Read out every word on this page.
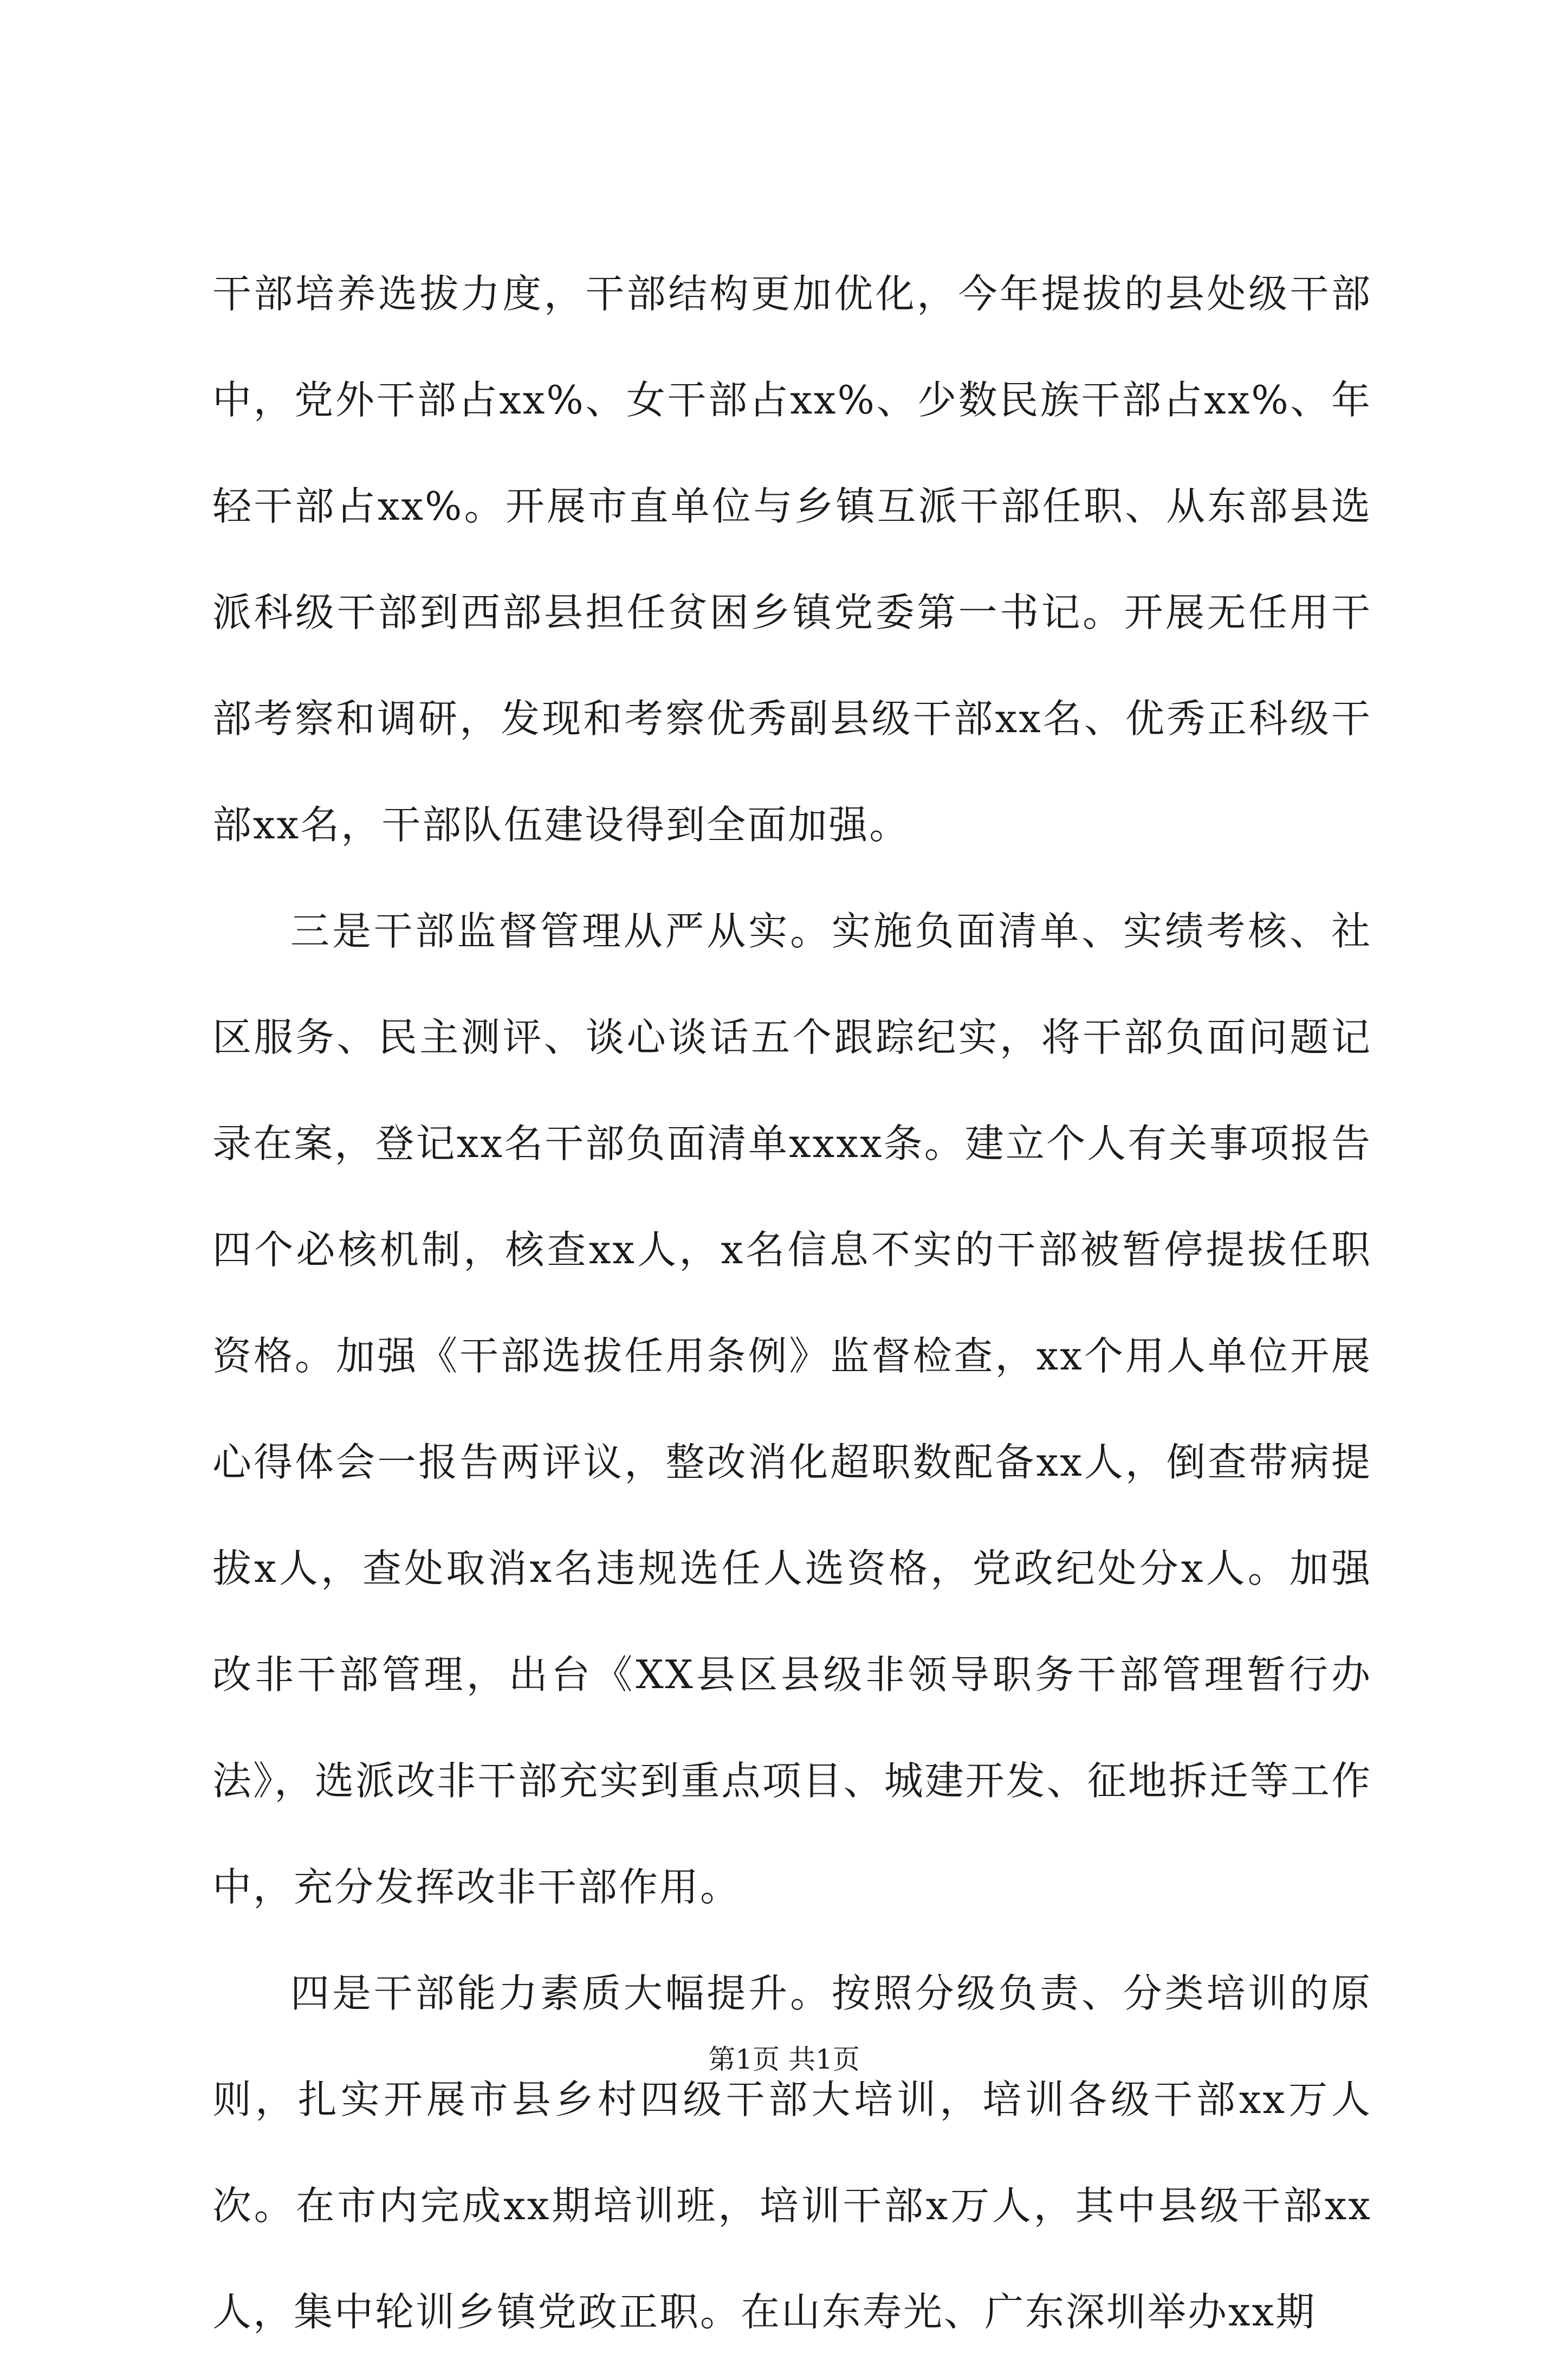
干部培养选拔力度，干部结构更加优化，今年提拔的县处级干部中，党外干部占xx%、女干部占xx%、少数民族干部占xx%、年轻干部占xx%。开展市直单位与乡镇互派干部任职、从东部县选派科级干部到西部县担任贫困乡镇党委第一书记。开展无任用干部考察和调研，发现和考察优秀副县级干部xx名、优秀正科级干部xx名，干部队伍建设得到全面加强。

三是干部监督管理从严从实。实施负面清单、实绩考核、社区服务、民主测评、谈心谈话五个跟踪纪实，将干部负面问题记录在案，登记xx名干部负面清单xxxx条。建立个人有关事项报告四个必核机制，核查xx人，x名信息不实的干部被暂停提拔任职资格。加强《干部选拔任用条例》监督检查，xx个用人单位开展心得体会一报告两评议，整改消化超职数配备xx人，倒查带病提拔x人，查处取消x名违规选任人选资格，党政纪处分x人。加强改非干部管理，出台《XX县区县级非领导职务干部管理暂行办法》，选派改非干部充实到重点项目、城建开发、征地拆迁等工作中，充分发挥改非干部作用。

四是干部能力素质大幅提升。按照分级负责、分类培训的原则，扎实开展市县乡村四级干部大培训，培训各级干部xx万人次。在市内完成xx期培训班，培训干部x万人，其中县级干部xx人，集中轮训乡镇党政正职。在山东寿光、广东深圳举办xx期

第1页 共1页
